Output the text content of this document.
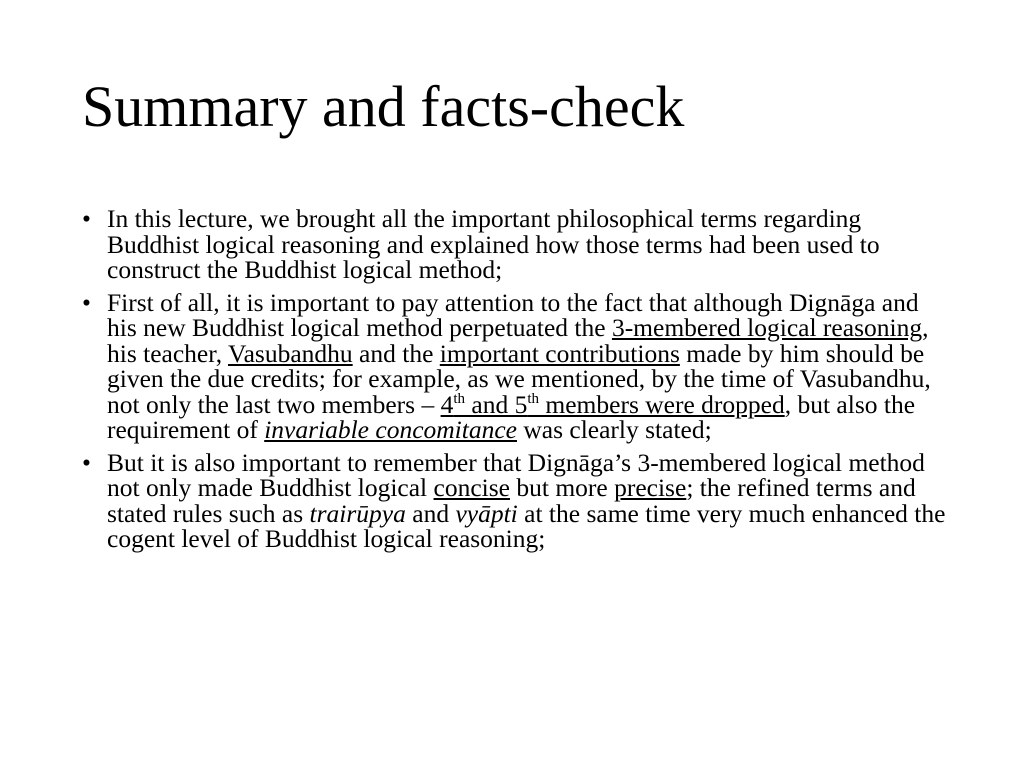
Summary and facts-check
• In this lecture, we brought all the important philosophical terms regarding Buddhist logical reasoning and explained how those terms had been used to construct the Buddhist logical method;
• First of all, it is important to pay attention to the fact that although Dignāga and his new Buddhist logical method perpetuated the 3-membered logical reasoning, his teacher, Vasubandhu and the important contributions made by him should be given the due credits; for example, as we mentioned, by the time of Vasubandhu, not only the last two members – 4th and 5th members were dropped, but also the requirement of invariable concomitance was clearly stated;
• But it is also important to remember that Dignāga’s 3-membered logical method not only made Buddhist logical concise but more precise; the refined terms and stated rules such as trairūpya and vyāpti at the same time very much enhanced the cogent level of Buddhist logical reasoning;
